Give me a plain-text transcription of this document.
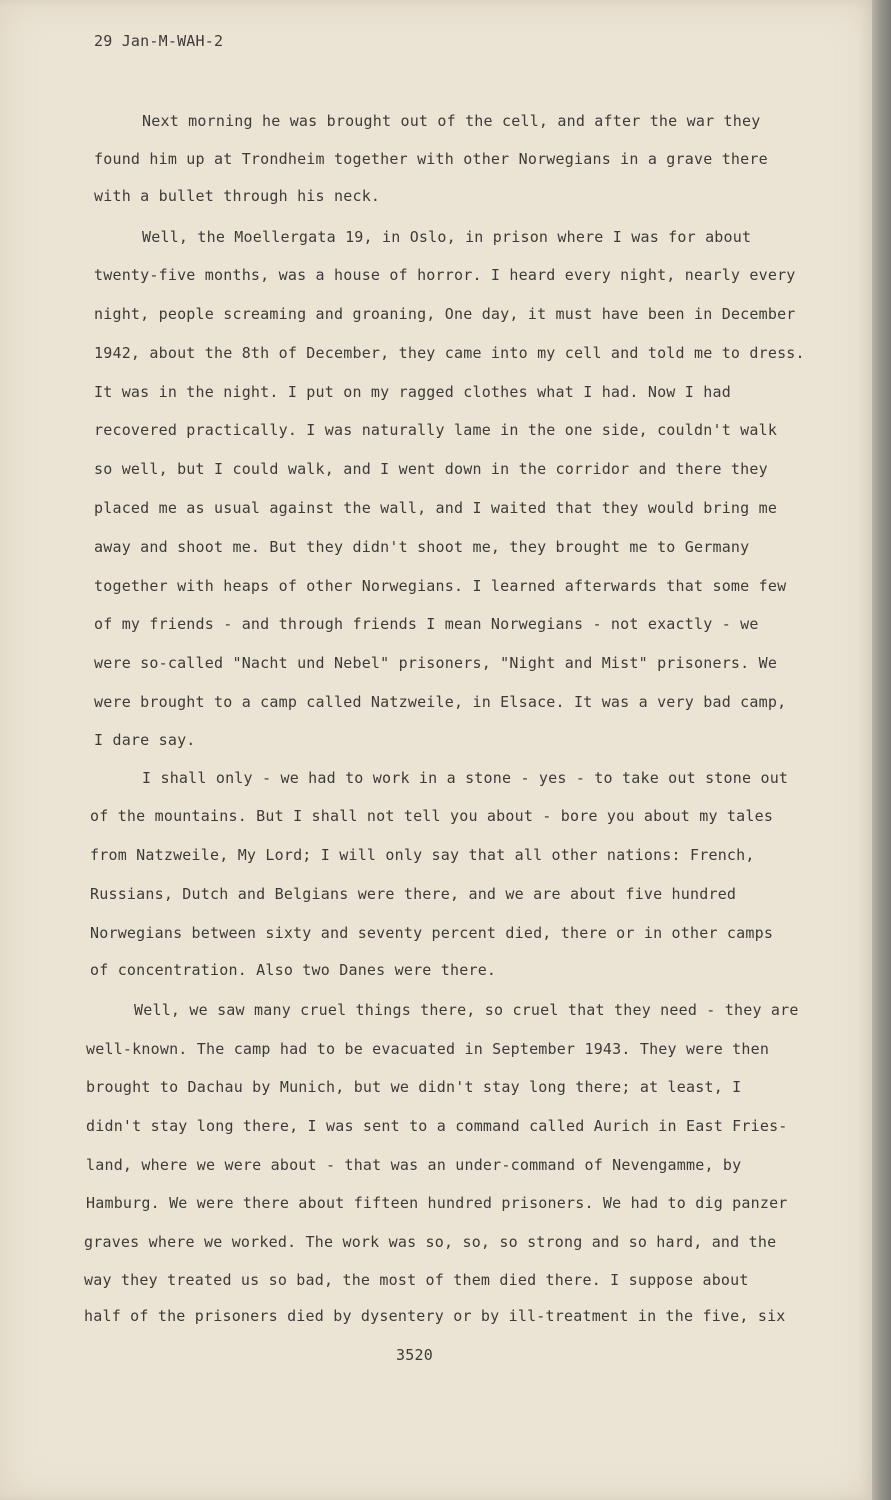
29 Jan-M-WAH-2
Next morning he was brought out of the cell, and after the war they
found him up at Trondheim together with other Norwegians in a grave there
with a bullet through his neck.
Well, the Moellergata 19, in Oslo, in prison where I was for about
twenty-five months, was a house of horror. I heard every night, nearly every
night, people screaming and groaning, One day, it must have been in December
1942, about the 8th of December, they came into my cell and told me to dress.
It was in the night. I put on my ragged clothes what I had. Now I had
recovered practically. I was naturally lame in the one side, couldn't walk
so well, but I could walk, and I went down in the corridor and there they
placed me as usual against the wall, and I waited that they would bring me
away and shoot me. But they didn't shoot me, they brought me to Germany
together with heaps of other Norwegians. I learned afterwards that some few
of my friends - and through friends I mean Norwegians - not exactly - we
were so-called "Nacht und Nebel" prisoners, "Night and Mist" prisoners. We
were brought to a camp called Natzweile, in Elsace. It was a very bad camp,
I dare say.
I shall only - we had to work in a stone - yes - to take out stone out
of the mountains. But I shall not tell you about - bore you about my tales
from Natzweile, My Lord; I will only say that all other nations: French,
Russians, Dutch and Belgians were there, and we are about five hundred
Norwegians between sixty and seventy percent died, there or in other camps
of concentration. Also two Danes were there.
Well, we saw many cruel things there, so cruel that they need - they are
well-known. The camp had to be evacuated in September 1943. They were then
brought to Dachau by Munich, but we didn't stay long there; at least, I
didn't stay long there, I was sent to a command called Aurich in East Fries-
land, where we were about - that was an under-command of Nevengamme, by
Hamburg. We were there about fifteen hundred prisoners. We had to dig panzer
graves where we worked. The work was so, so, so strong and so hard, and the
way they treated us so bad, the most of them died there. I suppose about
half of the prisoners died by dysentery or by ill-treatment in the five, six
3520
